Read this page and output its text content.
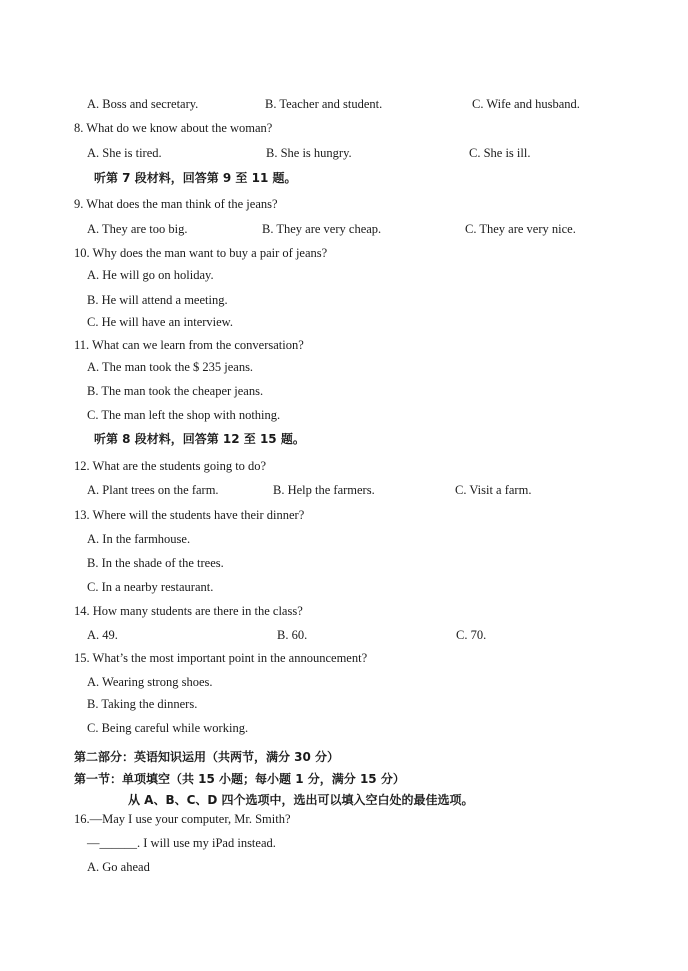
A. Boss and secretary.	B. Teacher and student.	C. Wife and husband.
8. What do we know about the woman?
A. She is tired.	B. She is hungry.	C. She is ill.
听第 7 段材料，回答第 9 至 11 题。
9. What does the man think of the jeans?
A. They are too big.	B. They are very cheap.	C. They are very nice.
10. Why does the man want to buy a pair of jeans?
A. He will go on holiday.
B. He will attend a meeting.
C. He will have an interview.
11. What can we learn from the conversation?
A. The man took the $ 235 jeans.
B. The man took the cheaper jeans.
C. The man left the shop with nothing.
听第 8 段材料，回答第 12 至 15 题。
12. What are the students going to do?
A. Plant trees on the farm.	B. Help the farmers.	C. Visit a farm.
13. Where will the students have their dinner?
A. In the farmhouse.
B. In the shade of the trees.
C. In a nearby restaurant.
14. How many students are there in the class?
A. 49.	B. 60.	C. 70.
15. What’s the most important point in the announcement?
A. Wearing strong shoes.
B. Taking the dinners.
C. Being careful while working.
第二部分：英语知识运用（共两节，满分 30 分）
第一节：单项填空（共 15 小题；每小题 1 分，满分 15 分）
从 A、B、C、D 四个选项中，选出可以填入空白处的最佳选项。
16.—May I use your computer, Mr. Smith?
—______. I will use my iPad instead.
A. Go ahead
